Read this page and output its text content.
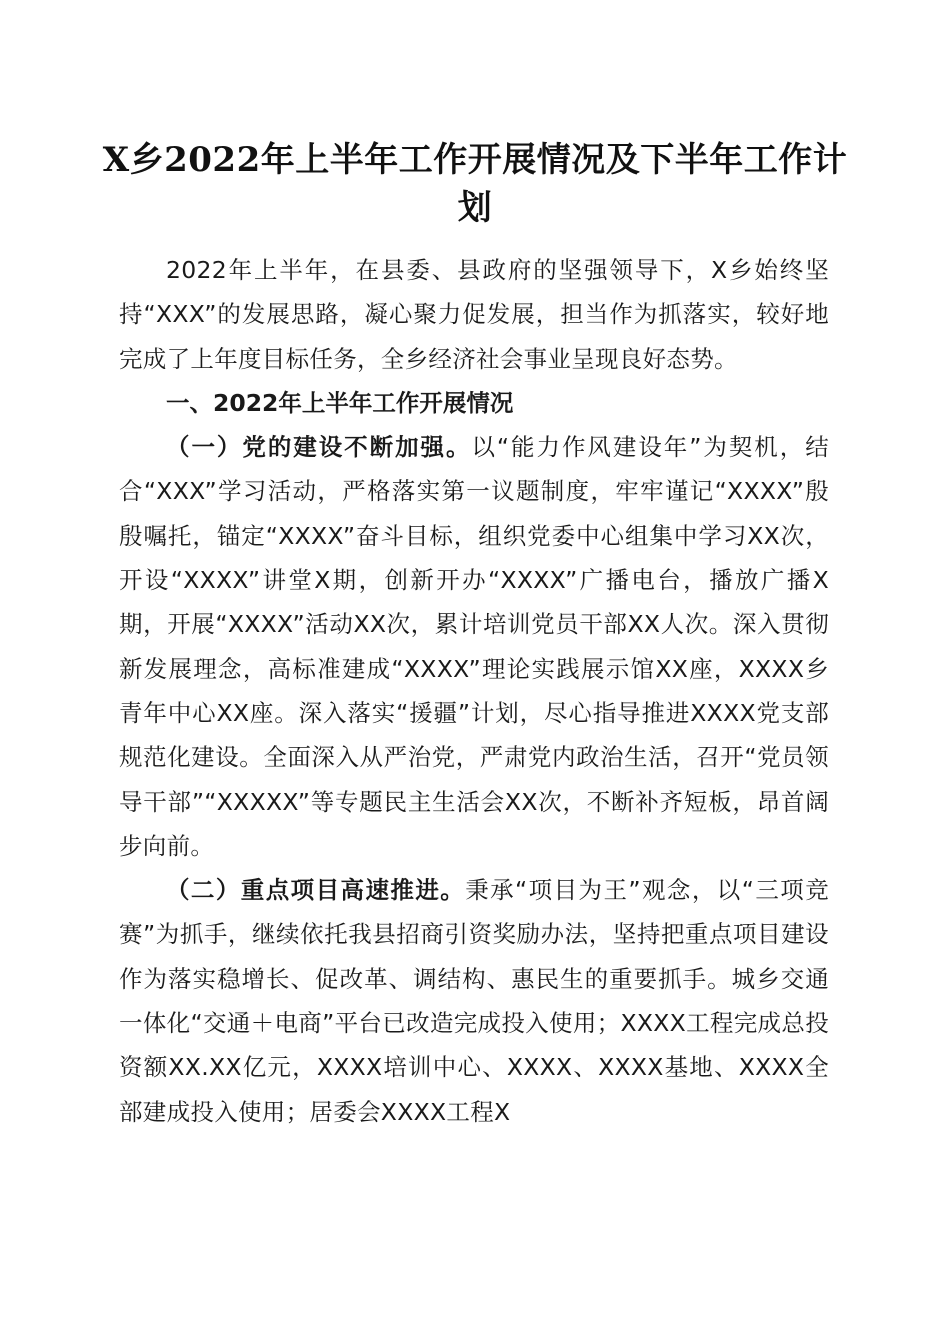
X乡2022年上半年工作开展情况及下半年工作计划

2022年上半年，在县委、县政府的坚强领导下，X乡始终坚持“XXX”的发展思路，凝心聚力促发展，担当作为抓落实，较好地完成了上年度目标任务，全乡经济社会事业呈现良好态势。

一、2022年上半年工作开展情况

（一）党的建设不断加强。以“能力作风建设年”为契机，结合“XXX”学习活动，严格落实第一议题制度，牢牢谨记“XXXX”殷殷嘱托，锚定“XXXX”奋斗目标，组织党委中心组集中学习XX次，开设“XXXX”讲堂X期，创新开办“XXXX”广播电台，播放广播X期，开展“XXXX”活动XX次，累计培训党员干部XX人次。深入贯彻新发展理念，高标准建成“XXXX”理论实践展示馆XX座，XXXX乡青年中心XX座。深入落实“援疆”计划，尽心指导推进XXXX党支部规范化建设。全面深入从严治党，严肃党内政治生活，召开“党员领导干部”“XXXXX”等专题民主生活会XX次，不断补齐短板，昂首阔步向前。

（二）重点项目高速推进。秉承“项目为王”观念，以“三项竞赛”为抓手，继续依托我县招商引资奖励办法，坚持把重点项目建设作为落实稳增长、促改革、调结构、惠民生的重要抓手。城乡交通一体化“交通＋电商”平台已改造完成投入使用；XXXX工程完成总投资额XX.XX亿元，XXXX培训中心、XXXX、XXXX基地、XXXX全部建成投入使用；居委会XXXX工程X
